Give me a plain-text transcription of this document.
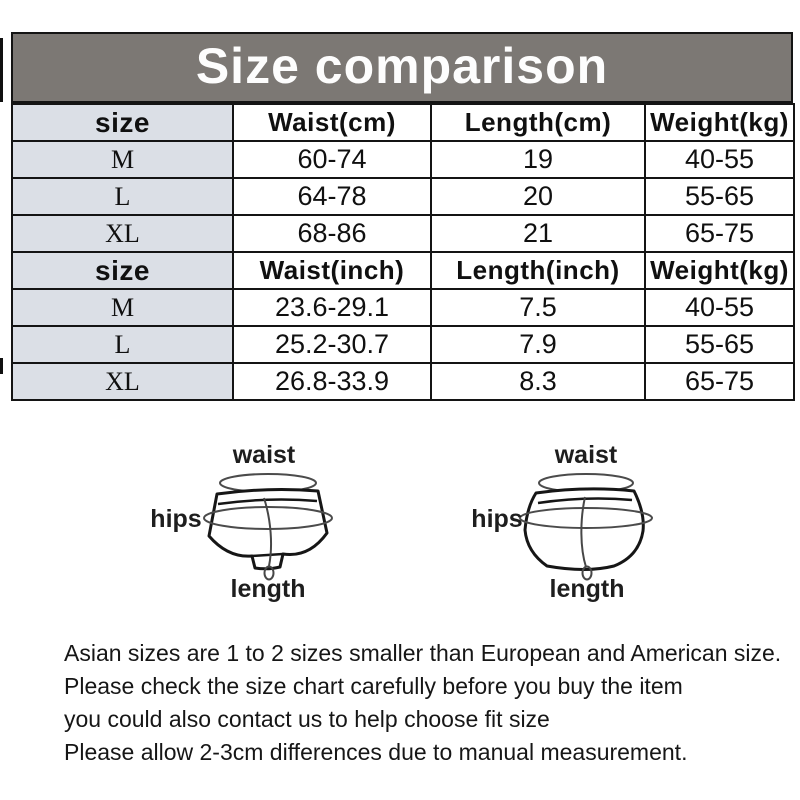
Size comparison
size	Waist(cm)	Length(cm)	Weight(kg)
M	60-74	19	40-55
L	64-78	20	55-65
XL	68-86	21	65-75
size	Waist(inch)	Length(inch)	Weight(kg)
M	23.6-29.1	7.5	40-55
L	25.2-30.7	7.9	55-65
XL	26.8-33.9	8.3	65-75
waist
hips
length
waist
hips
length
Asian sizes are 1 to 2 sizes smaller than European and American size.
Please check the size chart carefully before you buy the item
you could also contact us to help choose fit size
Please allow 2-3cm differences due to manual measurement.
